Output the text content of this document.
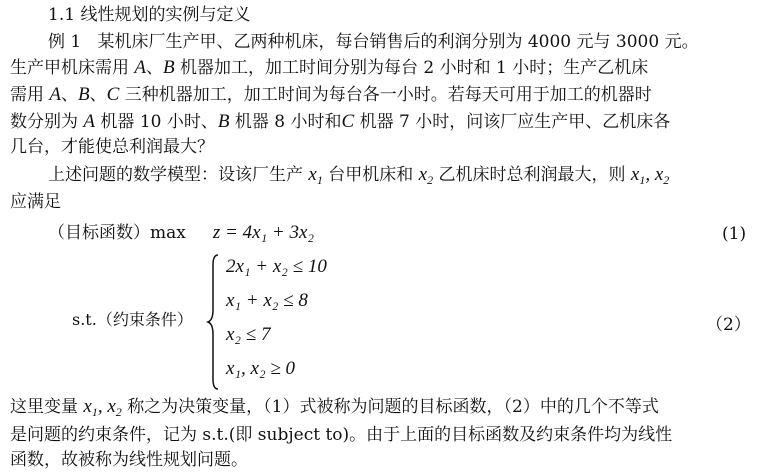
1.1 线性规划的实例与定义
例 1 某机床厂生产甲、乙两种机床，每台销售后的利润分别为 4000 元与 3000 元。
生产甲机床需用 A、B 机器加工，加工时间分别为每台 2 小时和 1 小时；生产乙机床
需用 A、B、C 三种机器加工，加工时间为每台各一小时。若每天可用于加工的机器时
数分别为 A 机器 10 小时、B 机器 8 小时和C 机器 7 小时，问该厂应生产甲、乙机床各
几台，才能使总利润最大？
上述问题的数学模型：设该厂生产 $x_1$ 台甲机床和 $x_2$ 乙机床时总利润最大，则 $x_1$, $x_2$
应满足
（目标函数）max z = 4x₁ + 3x₂	(1)
s.t.（约束条件）
2x₁ + x₂ ≤ 10
x₁ + x₂ ≤ 8
x₂ ≤ 7
x₁, x₂ ≥ 0
（2）
这里变量 $x_1$, $x_2$ 称之为决策变量，（1）式被称为问题的目标函数，（2）中的几个不等式
是问题的约束条件，记为 s.t.(即 subject to)。由于上面的目标函数及约束条件均为线性
函数，故被称为线性规划问题。
